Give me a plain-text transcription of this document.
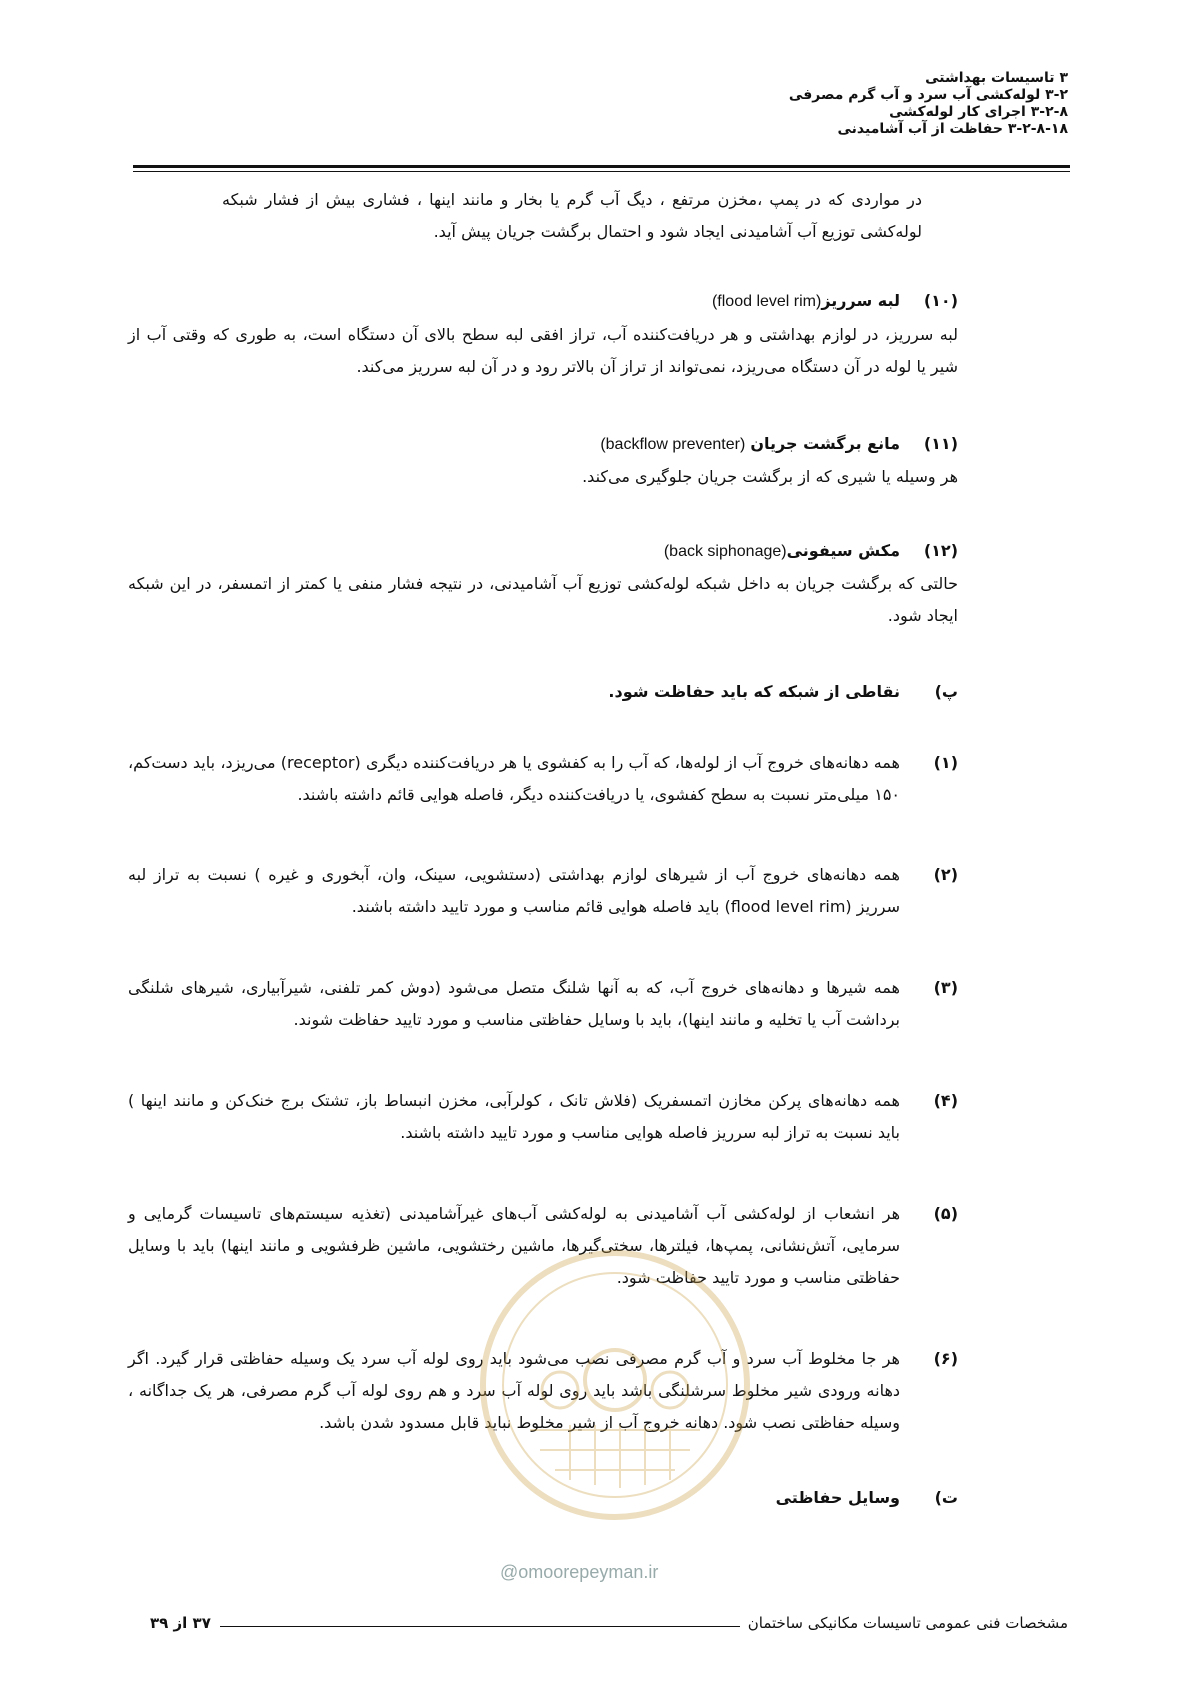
۳ تاسیسات بهداشتی
۳-۲ لوله‌کشی آب سرد و آب گرم مصرفی
۳-۲-۸ اجرای کار لوله‌کشی
۳-۲-۸-۱۸ حفاظت از آب آشامیدنی
در مواردی که در پمپ ،مخزن مرتفع ، دیگ آب گرم یا بخار و مانند اینها ، فشاری بیش از فشار شبکه لوله‌کشی توزیع آب آشامیدنی ایجاد شود و احتمال برگشت جریان پیش آید.
(۱۰)
لبه سرریز(flood level rim)
لبه سرریز، در لوازم بهداشتی و هر دریافت‌کننده آب، تراز افقی لبه سطح بالای آن دستگاه است، به طوری که وقتی آب از شیر یا لوله در آن دستگاه می‌ریزد، نمی‌تواند از تراز آن بالاتر رود و در آن لبه سرریز می‌کند.
(۱۱)
مانع برگشت جریان (backflow preventer)
هر وسیله یا شیری که از برگشت جریان جلوگیری می‌کند.
(۱۲)
مکش سیفونی(back siphonage)
حالتی که برگشت جریان به داخل شبکه لوله‌کشی توزیع آب آشامیدنی، در نتیجه فشار منفی یا کمتر از اتمسفر، در این شبکه ایجاد شود.
پ)
نقاطی از شبکه که باید حفاظت شود.
(۱)
همه دهانه‌های خروج آب از لوله‌ها، که آب را به کفشوی یا هر دریافت‌کننده دیگری (receptor) می‌ریزد، باید دست‌کم، ۱۵۰ میلی‌متر نسبت به سطح کفشوی، یا دریافت‌کننده دیگر، فاصله هوایی قائم داشته باشند.
(۲)
همه دهانه‌های خروج آب از شیرهای لوازم بهداشتی (دستشویی، سینک، وان، آبخوری و غیره ) نسبت به تراز لبه سرریز (flood level rim) باید فاصله هوایی قائم مناسب و مورد تایید داشته باشند.
(۳)
همه شیرها و دهانه‌های خروج آب، که به آنها شلنگ متصل می‌شود (دوش کمر تلفنی، شیرآبیاری، شیرهای شلنگی برداشت آب یا تخلیه و مانند اینها)، باید با وسایل حفاظتی مناسب و مورد تایید حفاظت شوند.
(۴)
همه دهانه‌های پرکن مخازن اتمسفریک (فلاش تانک ، کولرآبی، مخزن انبساط باز، تشتک برج خنک‌کن و مانند اینها ) باید نسبت به تراز لبه سرریز فاصله هوایی مناسب و مورد تایید داشته باشند.
(۵)
هر انشعاب از لوله‌کشی آب آشامیدنی به لوله‌کشی آب‌های غیرآشامیدنی (تغذیه سیستم‌های تاسیسات گرمایی و سرمایی، آتش‌نشانی، پمپ‌ها، فیلترها، سختی‌گیرها، ماشین رختشویی، ماشین ظرفشویی و مانند اینها) باید با وسایل حفاظتی مناسب و مورد تایید حفاظت شود.
(۶)
هر جا مخلوط آب سرد و آب گرم مصرفی نصب می‌شود باید روی لوله آب سرد یک وسیله حفاظتی قرار گیرد. اگر دهانه ورودی شیر مخلوط سرشلنگی باشد باید روی لوله آب سرد و هم روی لوله آب گرم مصرفی، هر یک جداگانه ، وسیله حفاظتی نصب شود. دهانه خروج آب از شیر مخلوط نباید قابل مسدود شدن باشد.
ت)
وسایل حفاظتی
@omoorepeyman.ir
مشخصات فنی عمومی تاسیسات مکانیکی ساختمان
۳۷ از ۳۹
